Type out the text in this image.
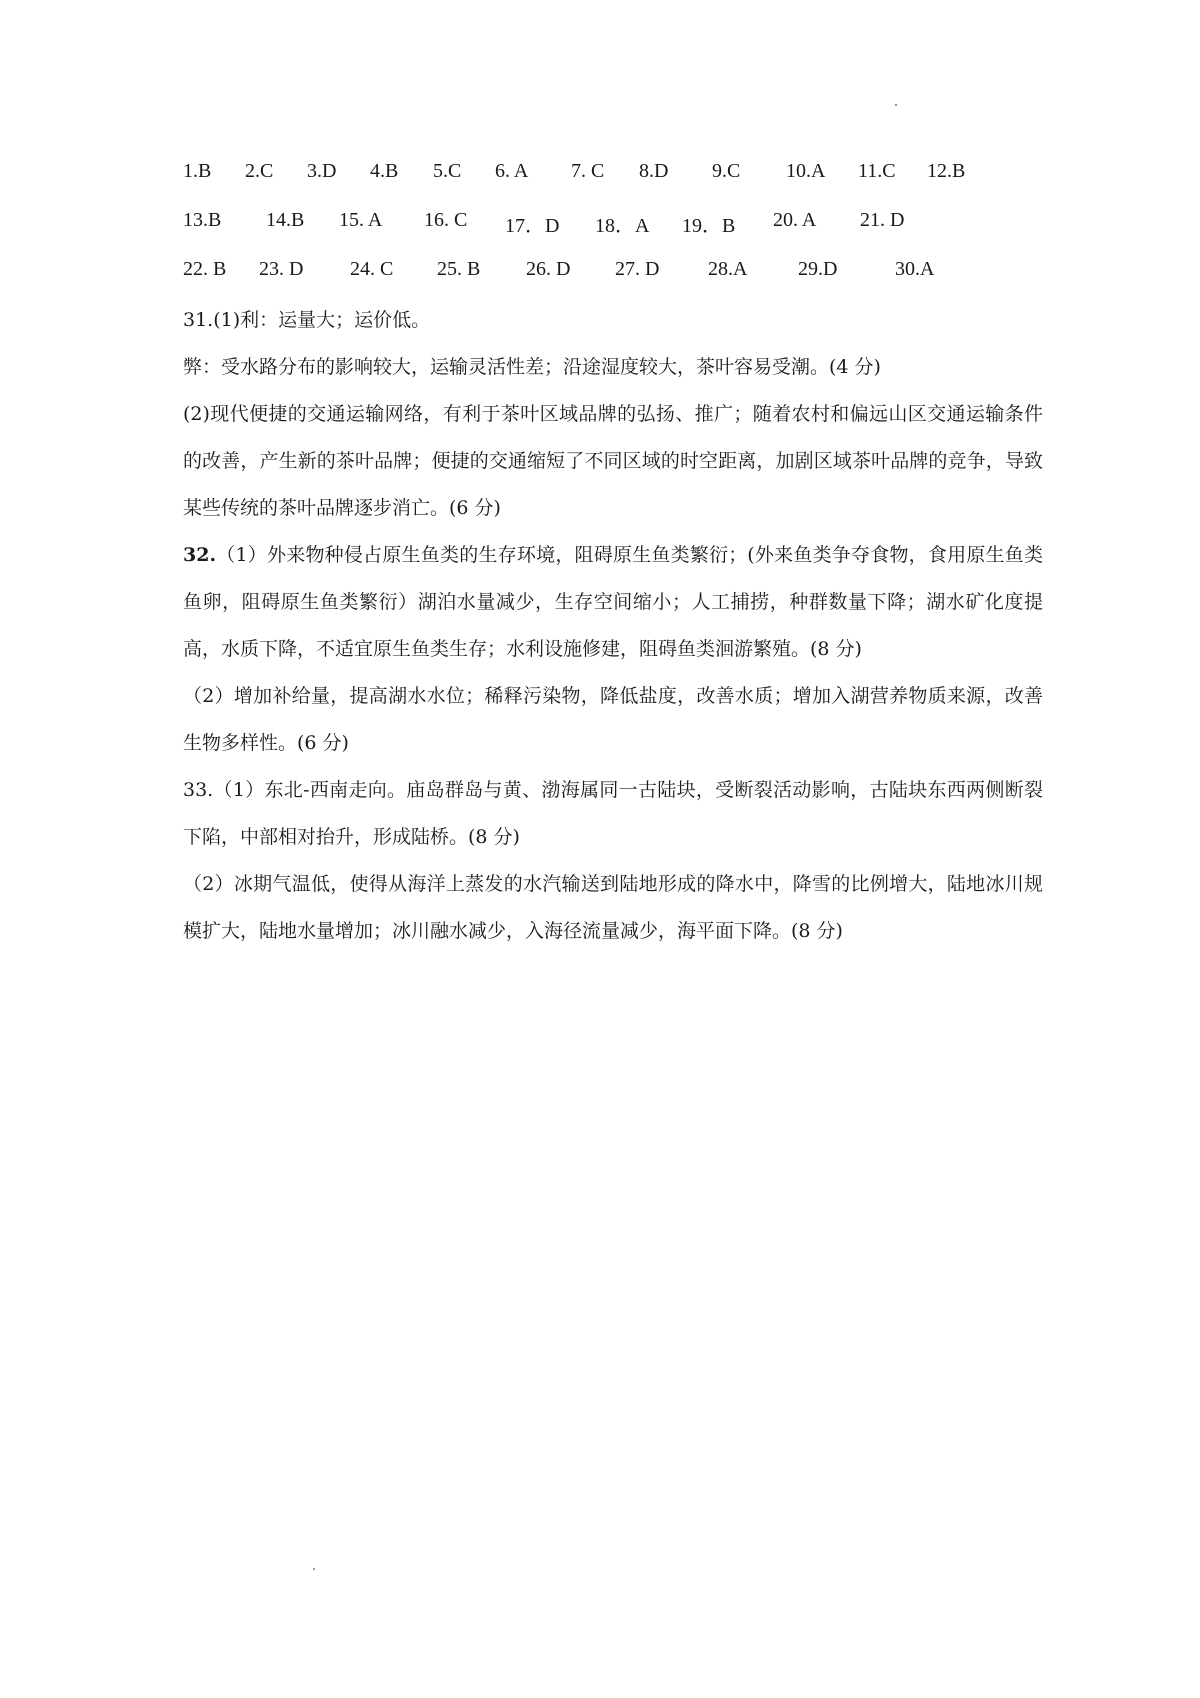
1.B 2.C 3.D 4.B 5.C 6. A 7. C 8.D 9.C 10.A 11.C 12.B
13.B 14.B 15. A 16. C 17．D 18．A 19．B 20. A 21. D
22. B 23. D 24. C 25. B 26. D 27. D 28.A	29.D	30.A

31.(1)利：运量大；运价低。

弊：受水路分布的影响较大，运输灵活性差；沿途湿度较大，茶叶容易受潮。(4 分)

(2)现代便捷的交通运输网络，有利于茶叶区域品牌的弘扬、推广；随着农村和偏远山区交通运输条件的改善，产生新的茶叶品牌；便捷的交通缩短了不同区域的时空距离，加剧区域茶叶品牌的竞争，导致某些传统的茶叶品牌逐步消亡。(6 分)

32.（1）外来物种侵占原生鱼类的生存环境，阻碍原生鱼类繁衍；(外来鱼类争夺食物，食用原生鱼类鱼卵，阻碍原生鱼类繁衍）湖泊水量减少，生存空间缩小；人工捕捞，种群数量下降；湖水矿化度提高，水质下降，不适宜原生鱼类生存；水利设施修建，阻碍鱼类洄游繁殖。(8 分)

（2）增加补给量，提高湖水水位；稀释污染物，降低盐度，改善水质；增加入湖营养物质来源，改善生物多样性。(6 分)

33.（1）东北-西南走向。庙岛群岛与黄、渤海属同一古陆块，受断裂活动影响，古陆块东西两侧断裂下陷，中部相对抬升，形成陆桥。(8 分)

（2）冰期气温低，使得从海洋上蒸发的水汽输送到陆地形成的降水中，降雪的比例增大，陆地冰川规模扩大，陆地水量增加；冰川融水减少，入海径流量减少，海平面下降。(8 分)
